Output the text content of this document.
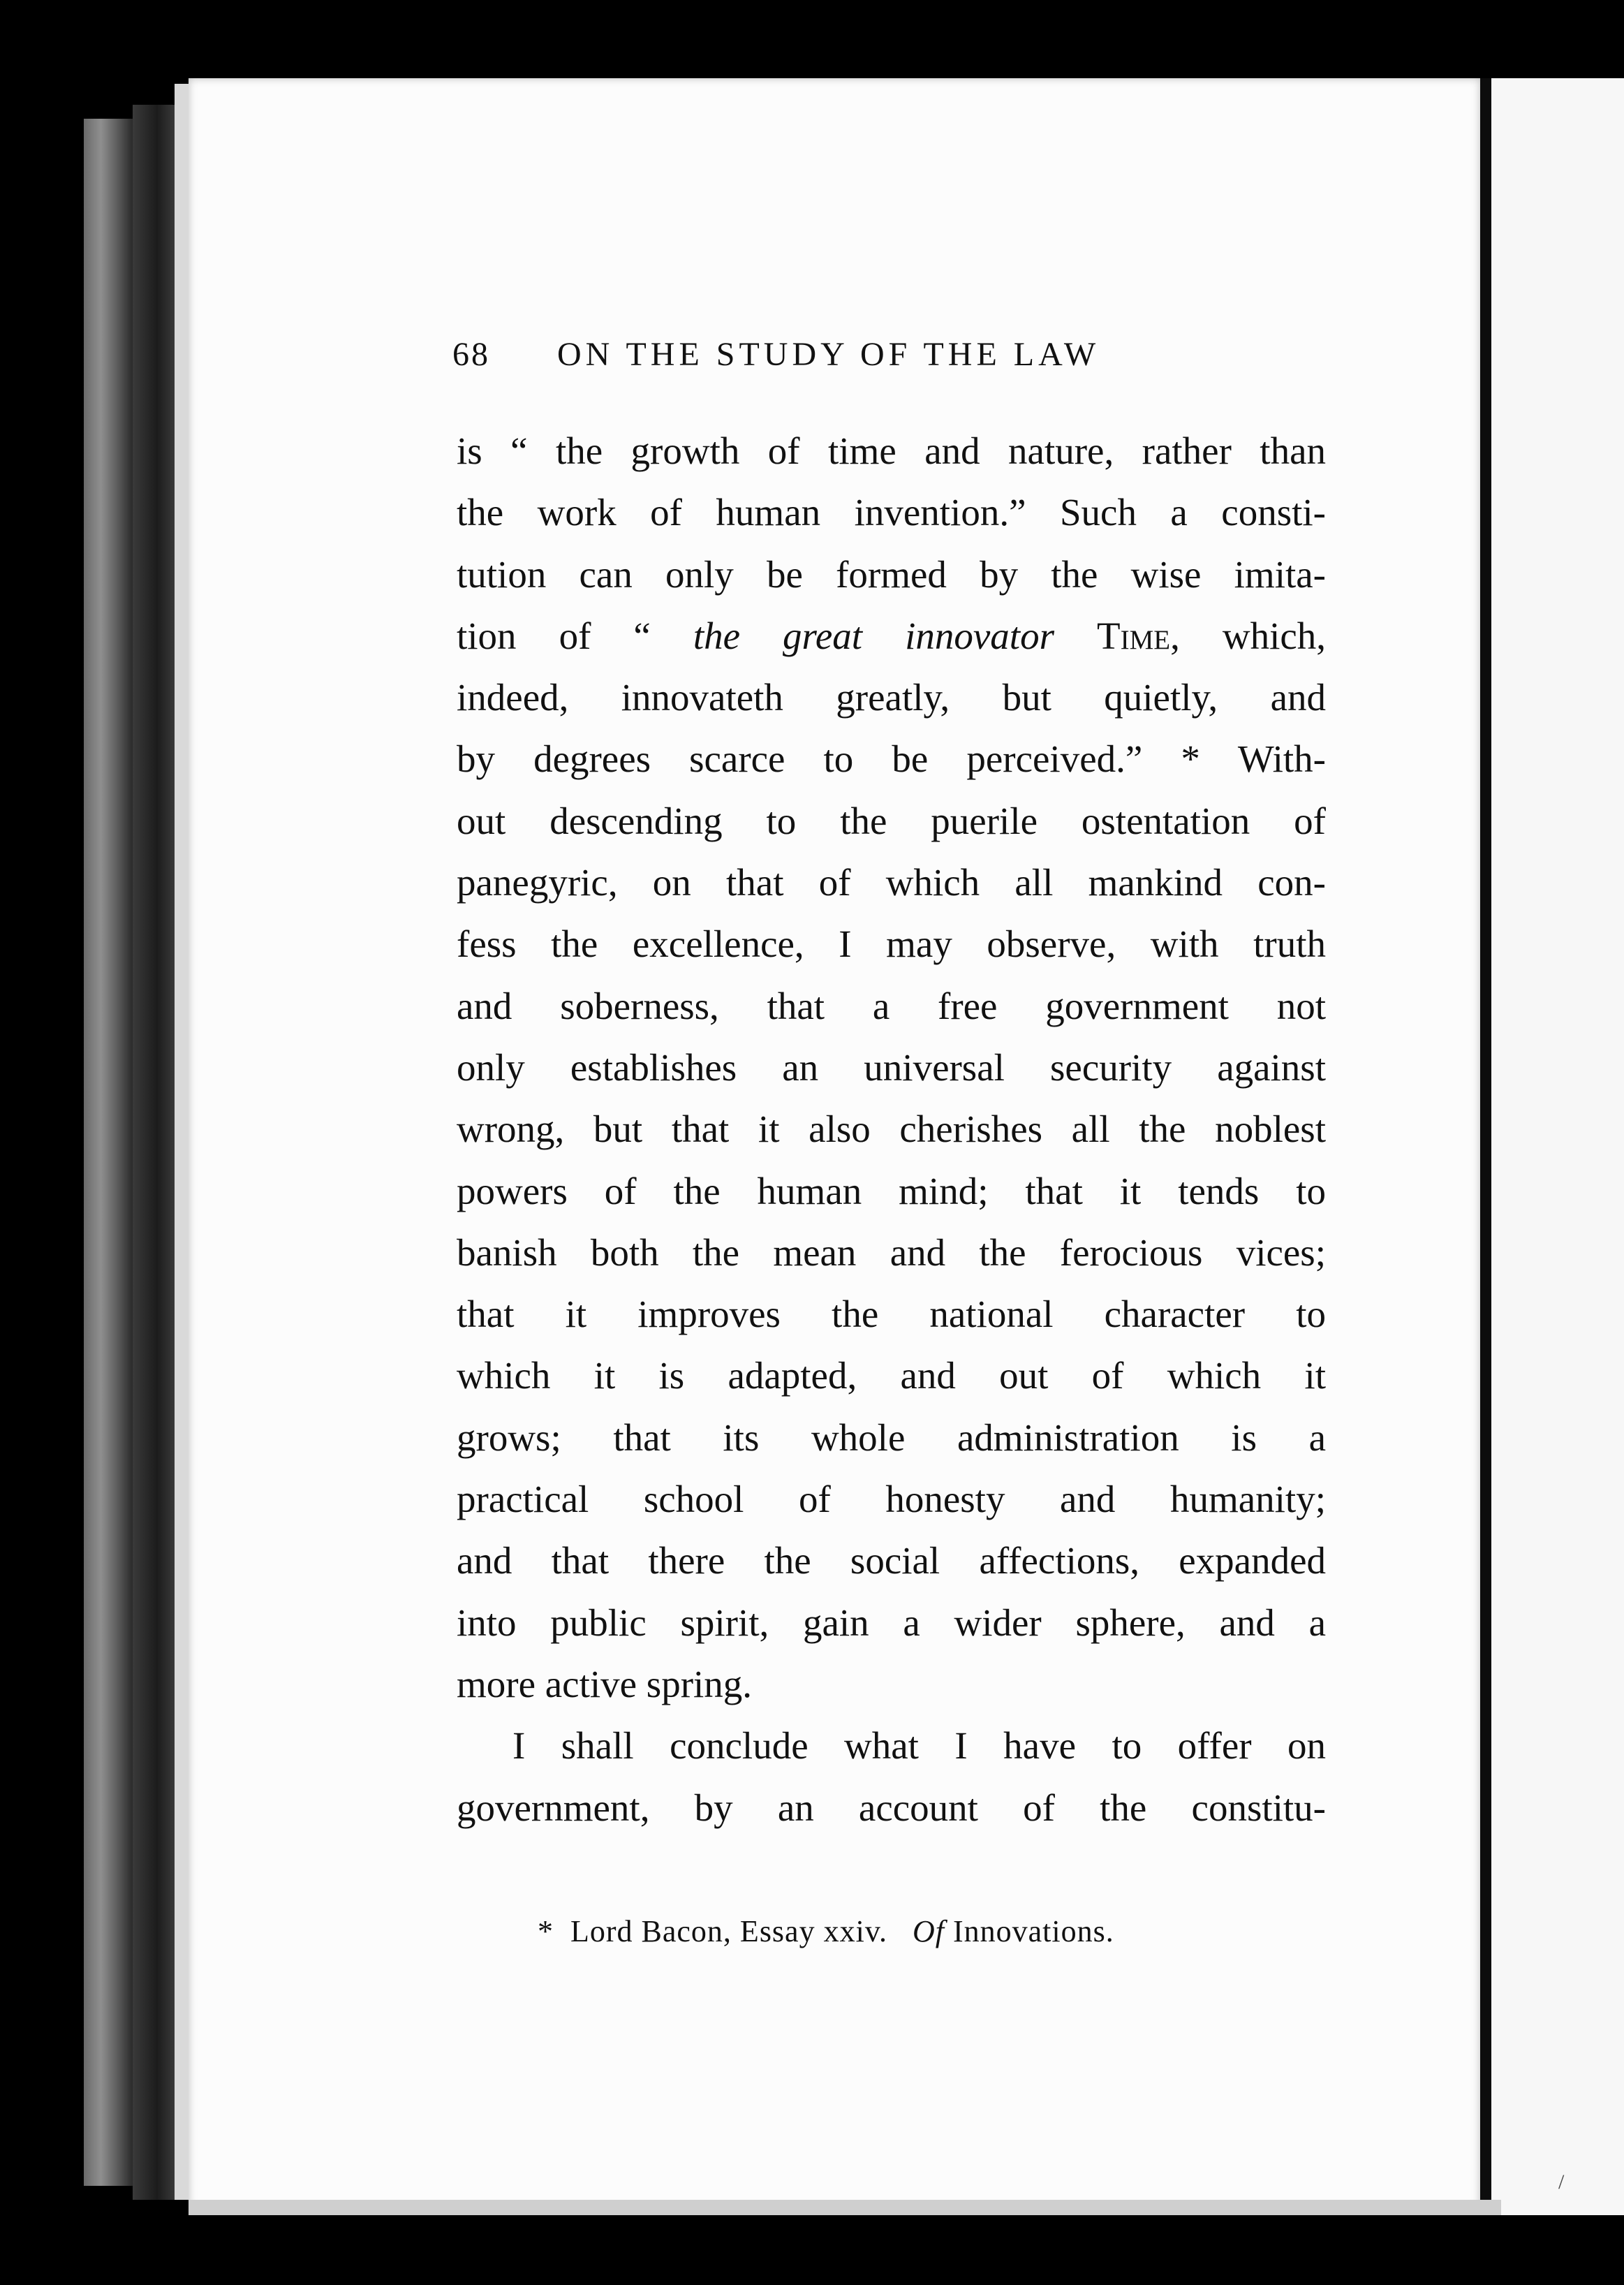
/
68 ON THE STUDY OF THE LAW
is “ the growth of time and nature, rather than
the work of human invention.” Such a consti-
tution can only be formed by the wise imita-
tion of “ the great innovator Time, which,
indeed, innovateth greatly, but quietly, and
by degrees scarce to be perceived.” * With-
out descending to the puerile ostentation of
panegyric, on that of which all mankind con-
fess the excellence, I may observe, with truth
and soberness, that a free government not
only establishes an universal security against
wrong, but that it also cherishes all the noblest
powers of the human mind; that it tends to
banish both the mean and the ferocious vices;
that it improves the national character to
which it is adapted, and out of which it
grows; that its whole administration is a
practical school of honesty and humanity;
and that there the social affections, expanded
into public spirit, gain a wider sphere, and a
more active spring.
I shall conclude what I have to offer on
government, by an account of the constitu-
* Lord Bacon, Essay xxiv. Of Innovations.
